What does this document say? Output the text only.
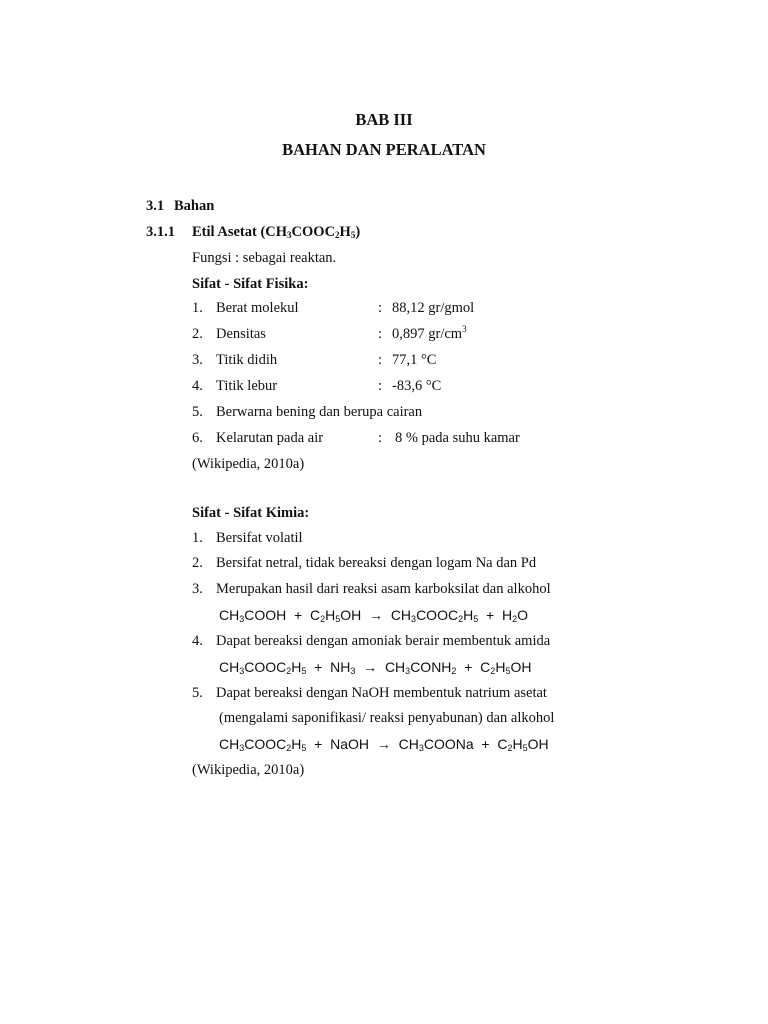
BAB III
BAHAN DAN PERALATAN
3.1 Bahan
3.1.1 Etil Asetat $(CH_3COOC_2H_5)$
Fungsi : sebagai reaktan.
Sifat - Sifat Fisika:
1. Berat molekul	: 88,12 gr/gmol
2. Densitas	: 0,897 $gr/cm^3$
3. Titik didih	: 77,1 °C
4. Titik lebur	: -83,6 °C
5. Berwarna bening dan berupa cairan
6. Kelarutan pada air	: 8 % pada suhu kamar
(Wikipedia, 2010a)
Sifat - Sifat Kimia:
1. Bersifat volatil
2. Bersifat netral, tidak bereaksi dengan logam Na dan Pd
3. Merupakan hasil dari reaksi asam karboksilat dan alkohol
$CH_3COOH + C_2H_5OH$  →  $CH_3COOC_2H_5 + H_2O$
4. Dapat bereaksi dengan amoniak berair membentuk amida
$CH_3COOC_2H_5 + NH_3$  →  $CH_3CONH_2 + C_2H_5OH$
5. Dapat bereaksi dengan NaOH membentuk natrium asetat
(mengalami saponifikasi/ reaksi penyabunan) dan alkohol
$CH_3COOC_2H_5$  +  NaOH  →  $CH_3COONa + C_2H_5OH$
(Wikipedia, 2010a)
